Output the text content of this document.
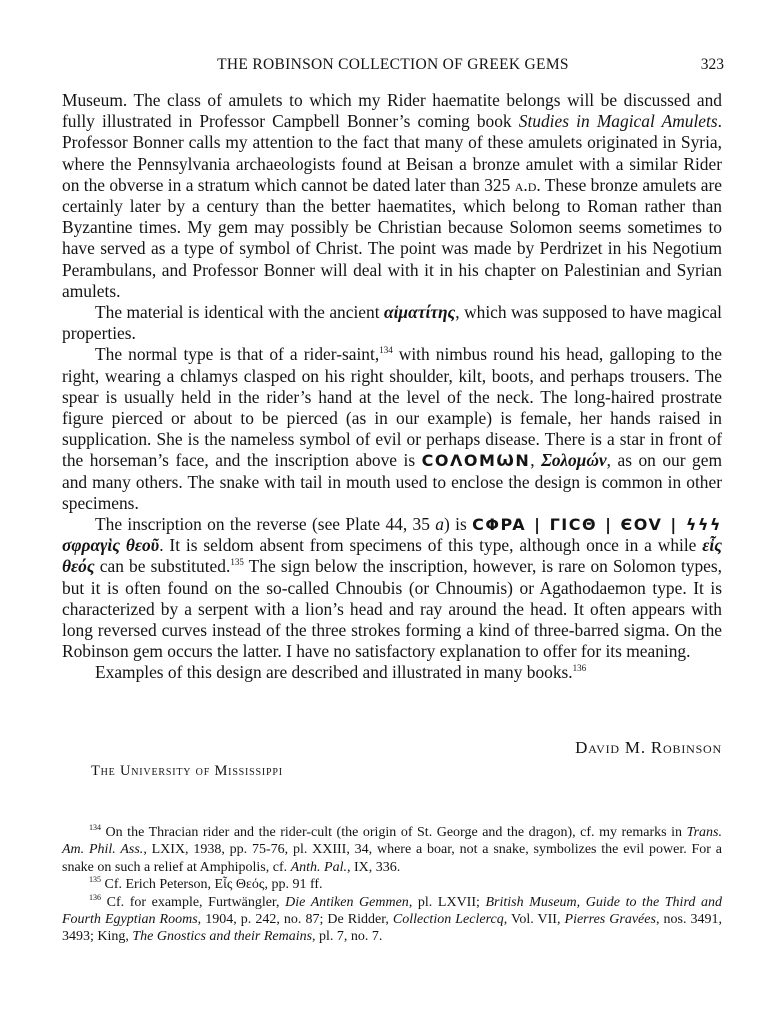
THE ROBINSON COLLECTION OF GREEK GEMS	323

Museum. The class of amulets to which my Rider haematite belongs will be discussed and fully illustrated in Professor Campbell Bonner’s coming book Studies in Magical Amulets. Professor Bonner calls my attention to the fact that many of these amulets originated in Syria, where the Pennsylvania archaeologists found at Beisan a bronze amulet with a similar Rider on the obverse in a stratum which cannot be dated later than 325 a.d. These bronze amulets are certainly later by a century than the better haematites, which belong to Roman rather than Byzantine times. My gem may possibly be Christian because Solomon seems sometimes to have served as a type of symbol of Christ. The point was made by Perdrizet in his Negotium Perambulans, and Professor Bonner will deal with it in his chapter on Palestinian and Syrian amulets.

The material is identical with the ancient αἱματίτης, which was supposed to have magical properties.

The normal type is that of a rider-saint,$^{134}$ with nimbus round his head, galloping to the right, wearing a chlamys clasped on his right shoulder, kilt, boots, and perhaps trousers. The spear is usually held in the rider’s hand at the level of the neck. The long-haired prostrate figure pierced or about to be pierced (as in our example) is female, her hands raised in supplication. She is the nameless symbol of evil or perhaps disease. There is a star in front of the horseman’s face, and the inscription above is COΛOMѠN, Σολομών, as on our gem and many others. The snake with tail in mouth used to enclose the design is common in other specimens.

The inscription on the reverse (see Plate 44, 35 a) is CΦPA | ΓICΘ | ЄOV | ϟϟϟ σφραγὶς θεοῦ. It is seldom absent from specimens of this type, although once in a while εἶς θεός can be substituted.$^{135}$ The sign below the inscription, however, is rare on Solomon types, but it is often found on the so-called Chnoubis (or Chnoumis) or Agathodaemon type. It is characterized by a serpent with a lion’s head and ray around the head. It often appears with long reversed curves instead of the three strokes forming a kind of three-barred sigma. On the Robinson gem occurs the latter. I have no satisfactory explanation to offer for its meaning.

Examples of this design are described and illustrated in many books.$^{136}$

David M. Robinson
The University of Mississippi

$^{134}$ On the Thracian rider and the rider-cult (the origin of St. George and the dragon), cf. my remarks in Trans. Am. Phil. Ass., LXIX, 1938, pp. 75-76, pl. XXIII, 34, where a boar, not a snake, symbolizes the evil power. For a snake on such a relief at Amphipolis, cf. Anth. Pal., IX, 336.

$^{135}$ Cf. Erich Peterson, Εἷς Θεός, pp. 91 ff.

$^{136}$ Cf. for example, Furtwängler, Die Antiken Gemmen, pl. LXVII; British Museum, Guide to the Third and Fourth Egyptian Rooms, 1904, p. 242, no. 87; De Ridder, Collection Leclercq, Vol. VII, Pierres Gravées, nos. 3491, 3493; King, The Gnostics and their Remains, pl. 7, no. 7.
